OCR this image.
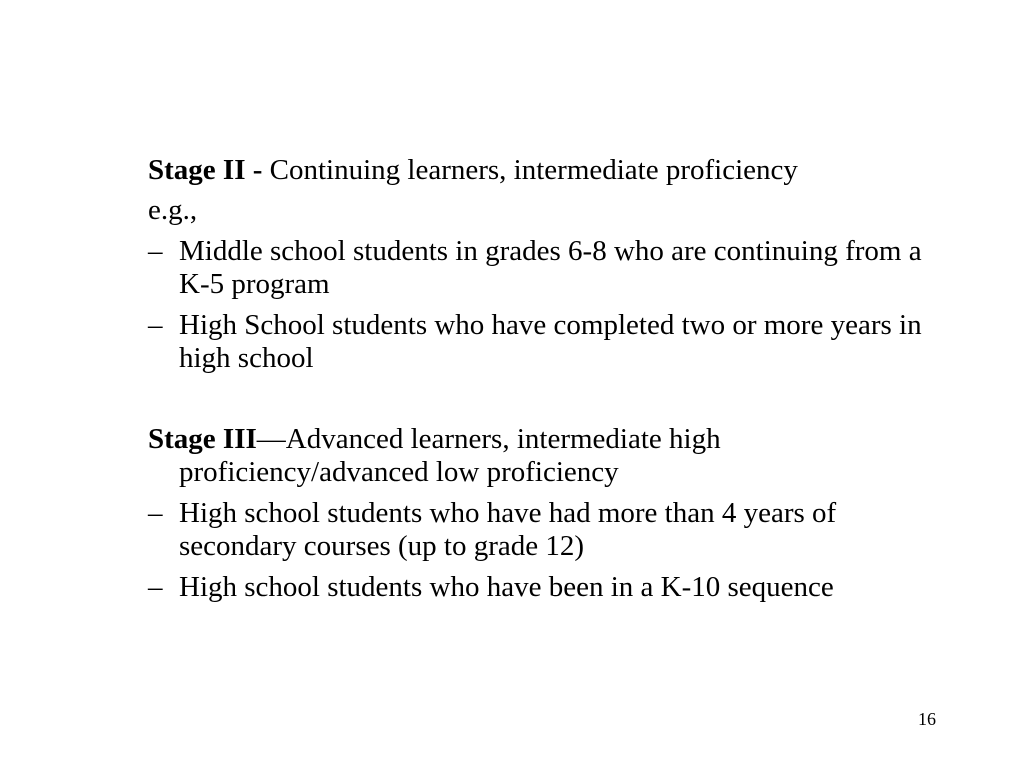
Stage II - Continuing learners, intermediate proficiency

e.g.,

– Middle school students in grades 6-8 who are continuing from a K-5 program

– High School students who have completed two or more years in high school

Stage III—Advanced learners, intermediate high proficiency/advanced low proficiency

– High school students who have had more than 4 years of secondary courses (up to grade 12)

– High school students who have been in a K-10 sequence

16
